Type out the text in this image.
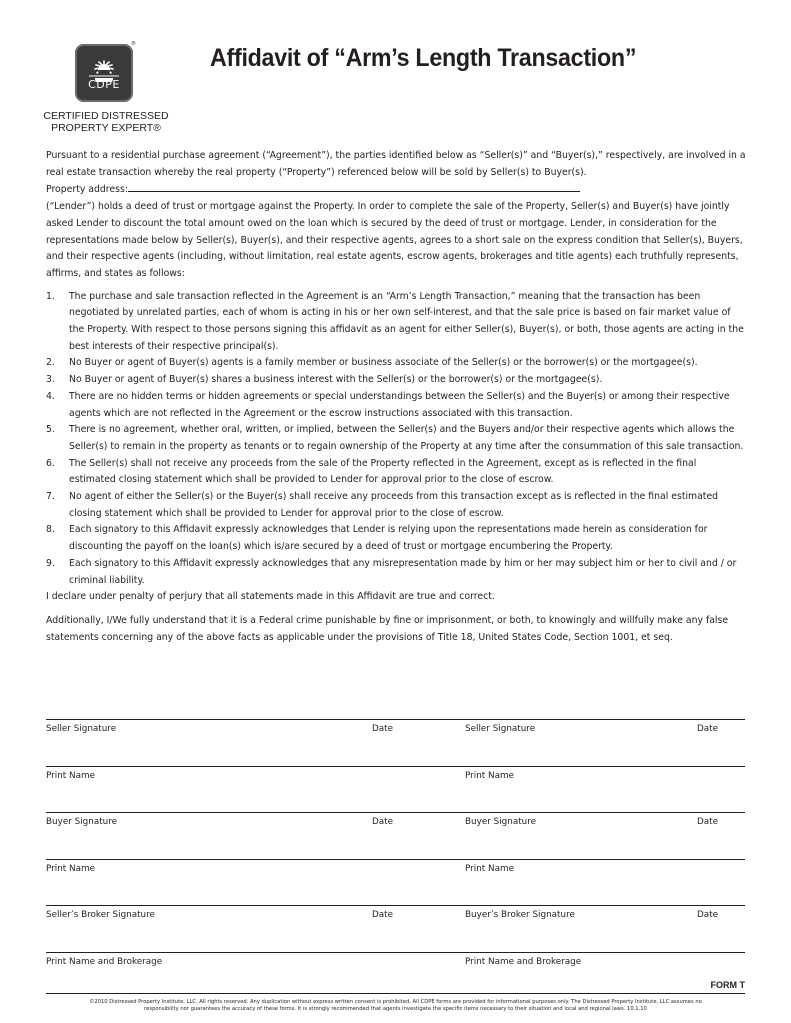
CDPE
®
CERTIFIED DISTRESSED
PROPERTY EXPERT®
Affidavit of “Arm’s Length Transaction”

Pursuant to a residential purchase agreement (“Agreement”), the parties identified below as “Seller(s)” and “Buyer(s),” respectively, are involved in a real estate transaction whereby the real property (“Property”) referenced below will be sold by Seller(s) to Buyer(s).

Property address:

(“Lender”) holds a deed of trust or mortgage against the Property. In order to complete the sale of the Property, Seller(s) and Buyer(s) have jointly asked Lender to discount the total amount owed on the loan which is secured by the deed of trust or mortgage. Lender, in consideration for the representations made below by Seller(s), Buyer(s), and their respective agents, agrees to a short sale on the express condition that Seller(s), Buyers, and their respective agents (including, without limitation, real estate agents, escrow agents, brokerages and title agents) each truthfully represents, affirms, and states as follows:

1. The purchase and sale transaction reflected in the Agreement is an “Arm’s Length Transaction,” meaning that the transaction has been negotiated by unrelated parties, each of whom is acting in his or her own self-interest, and that the sale price is based on fair market value of the Property. With respect to those persons signing this affidavit as an agent for either Seller(s), Buyer(s), or both, those agents are acting in the best interests of their respective principal(s).
2. No Buyer or agent of Buyer(s) agents is a family member or business associate of the Seller(s) or the borrower(s) or the mortgagee(s).
3. No Buyer or agent of Buyer(s) shares a business interest with the Seller(s) or the borrower(s) or the mortgagee(s).
4. There are no hidden terms or hidden agreements or special understandings between the Seller(s) and the Buyer(s) or among their respective agents which are not reflected in the Agreement or the escrow instructions associated with this transaction.
5. There is no agreement, whether oral, written, or implied, between the Seller(s) and the Buyers and/or their respective agents which allows the Seller(s) to remain in the property as tenants or to regain ownership of the Property at any time after the consummation of this sale transaction.
6. The Seller(s) shall not receive any proceeds from the sale of the Property reflected in the Agreement, except as is reflected in the final estimated closing statement which shall be provided to Lender for approval prior to the close of escrow.
7. No agent of either the Seller(s) or the Buyer(s) shall receive any proceeds from this transaction except as is reflected in the final estimated closing statement which shall be provided to Lender for approval prior to the close of escrow.
8. Each signatory to this Affidavit expressly acknowledges that Lender is relying upon the representations made herein as consideration for discounting the payoff on the loan(s) which is/are secured by a deed of trust or mortgage encumbering the Property.
9. Each signatory to this Affidavit expressly acknowledges that any misrepresentation made by him or her may subject him or her to civil and / or criminal liability.

I declare under penalty of perjury that all statements made in this Affidavit are true and correct.

Additionally, I/We fully understand that it is a Federal crime punishable by fine or imprisonment, or both, to knowingly and willfully make any false statements concerning any of the above facts as applicable under the provisions of Title 18, United States Code, Section 1001, et seq.

Seller Signature	Date	Seller Signature	Date
Print Name	Print Name
Buyer Signature	Date	Buyer Signature	Date
Print Name	Print Name
Seller’s Broker Signature	Date	Buyer’s Broker Signature	Date
Print Name and Brokerage	Print Name and Brokerage
FORM T
©2010 Distressed Property Institute, LLC. All rights reserved. Any duplication without express written consent is prohibited. All CDPE forms are provided for informational purposes only. The Distressed Property Institute, LLC assumes no
responsibility nor guarantees the accuracy of these forms. It is strongly recommended that agents investigate the specific items necessary to their situation and local and regional laws. 10.1.10
